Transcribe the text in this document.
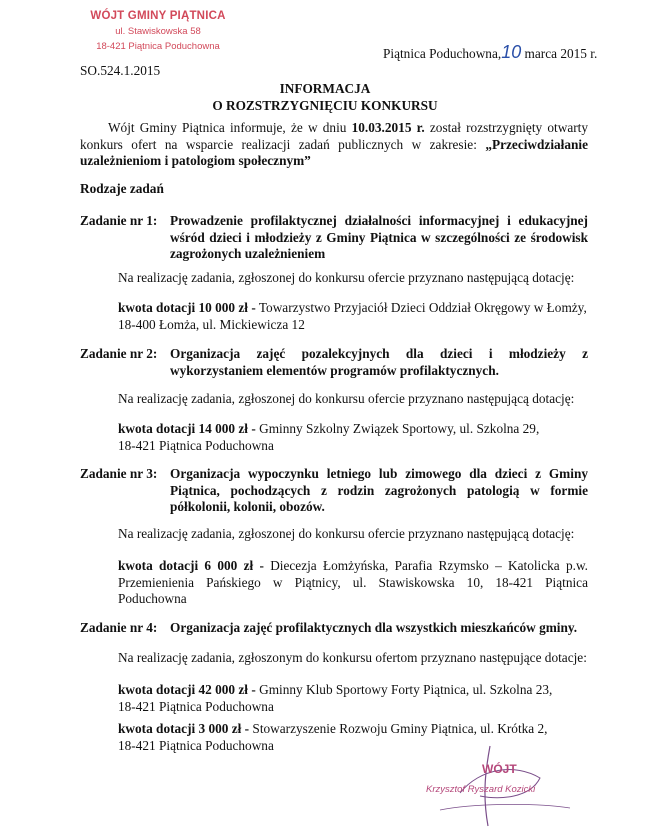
WÓJT GMINY PIĄTNICA
ul. Stawiskowska 58
18-421 Piątnica Poduchowna
SO.524.1.2015
Piątnica Poduchowna,10 marca 2015 r.
INFORMACJA
O ROZSTRZYGNIĘCIU KONKURSU
Wójt Gminy Piątnica informuje, że w dniu 10.03.2015 r. został rozstrzygnięty otwarty konkurs ofert na wsparcie realizacji zadań publicznych w zakresie: „Przeciwdziałanie uzależnieniom i patologiom społecznym”
Rodzaje zadań
Zadanie nr 1: Prowadzenie profilaktycznej działalności informacyjnej i edukacyjnej wśród dzieci i młodzieży z Gminy Piątnica w szczególności ze środowisk zagrożonych uzależnieniem
Na realizację zadania, zgłoszonej do konkursu ofercie przyznano następującą dotację:
kwota dotacji 10 000 zł - Towarzystwo Przyjaciół Dzieci Oddział Okręgowy w Łomży,
18-400 Łomża, ul. Mickiewicza 12
Zadanie nr 2: Organizacja zajęć pozalekcyjnych dla dzieci i młodzieży z wykorzystaniem elementów programów profilaktycznych.
Na realizację zadania, zgłoszonej do konkursu ofercie przyznano następującą dotację:
kwota dotacji 14 000 zł - Gminny Szkolny Związek Sportowy, ul. Szkolna 29,
18-421 Piątnica Poduchowna
Zadanie nr 3: Organizacja wypoczynku letniego lub zimowego dla dzieci z Gminy Piątnica, pochodzących z rodzin zagrożonych patologią w formie półkolonii, kolonii, obozów.
Na realizację zadania, zgłoszonej do konkursu ofercie przyznano następującą dotację:
kwota dotacji 6 000 zł - Diecezja Łomżyńska, Parafia Rzymsko – Katolicka p.w. Przemienienia Pańskiego w Piątnicy, ul. Stawiskowska 10, 18-421 Piątnica Poduchowna
Zadanie nr 4: Organizacja zajęć profilaktycznych dla wszystkich mieszkańców gminy.
Na realizację zadania, zgłoszonym do konkursu ofertom przyznano następujące dotacje:
kwota dotacji 42 000 zł - Gminny Klub Sportowy Forty Piątnica, ul. Szkolna 23,
18-421 Piątnica Poduchowna
kwota dotacji 3 000 zł - Stowarzyszenie Rozwoju Gminy Piątnica, ul. Krótka 2,
18-421 Piątnica Poduchowna
WÓJT
Krzysztof Ryszard Kozicki
